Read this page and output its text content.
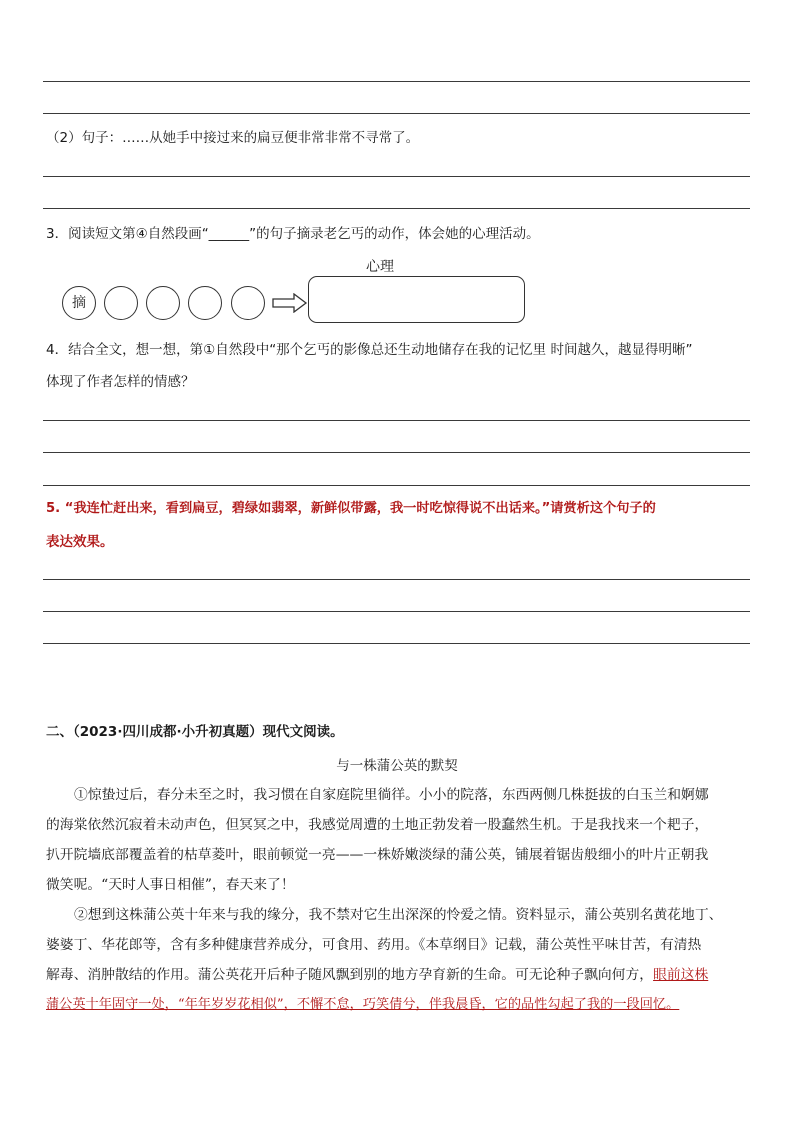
（2）句子：……从她手中接过来的扁豆便非常非常不寻常了。
3．阅读短文第④自然段画“______”的句子摘录老乞丐的动作，体会她的心理活动。
摘
心理
4．结合全文，想一想，第①自然段中“那个乞丐的影像总还生动地储存在我的记忆里 时间越久，越显得明晰”
体现了作者怎样的情感？
5. “我连忙赶出来，看到扁豆，碧绿如翡翠，新鲜似带露，我一时吃惊得说不出话来。”请赏析这个句子的
表达效果。
二、（2023·四川成都·小升初真题）现代文阅读。
与一株蒲公英的默契

①惊蛰过后，春分未至之时，我习惯在自家庭院里徜徉。小小的院落，东西两侧几株挺拔的白玉兰和婀娜

的海棠依然沉寂着未动声色，但冥冥之中，我感觉周遭的土地正勃发着一股蠢然生机。于是我找来一个耙子，
扒开院墙底部覆盖着的枯草菱叶，眼前顿觉一亮——一株娇嫩淡绿的蒲公英，铺展着锯齿般细小的叶片正朝我
微笑呢。“天时人事日相催”，春天来了！

②想到这株蒲公英十年来与我的缘分，我不禁对它生出深深的怜爱之情。资料显示，蒲公英别名黄花地丁、

婆婆丁、华花郎等，含有多种健康营养成分，可食用、药用。《本草纲目》记载，蒲公英性平味甘苦，有清热
解毒、消肿散结的作用。蒲公英花开后种子随风飘到别的地方孕育新的生命。可无论种子飘向何方，眼前这株
蒲公英十年固守一处，“年年岁岁花相似”，不懈不怠，巧笑倩兮，伴我晨昏，它的品性勾起了我的一段回忆。
